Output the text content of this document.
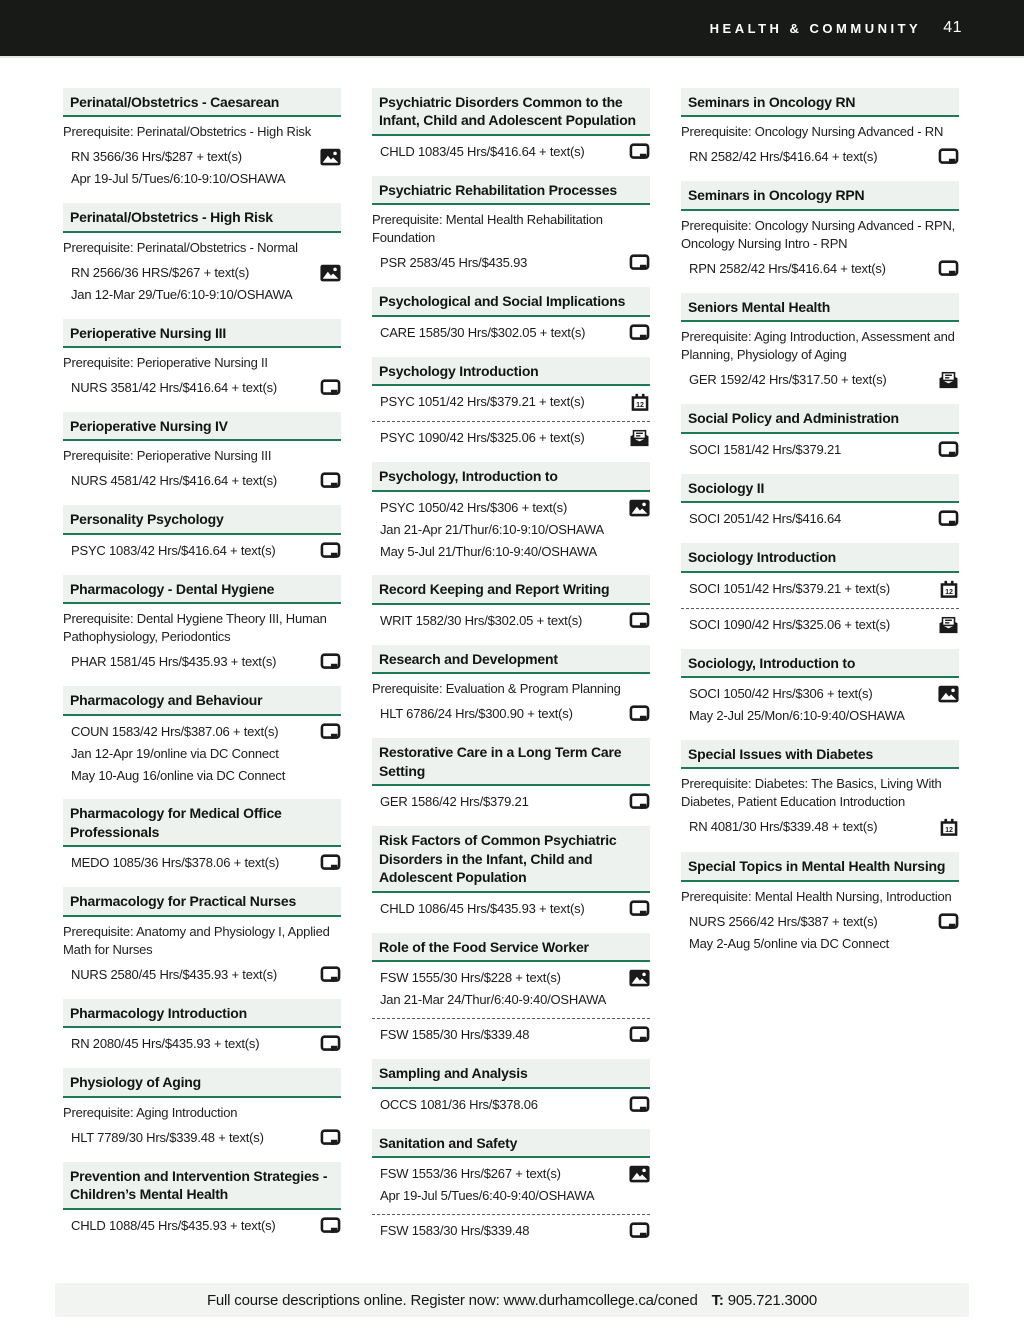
HEALTH & COMMUNITY 41
Perinatal/Obstetrics - Caesarean

Prerequisite: Perinatal/Obstetrics - High Risk

RN 3566/36 Hrs/$287 + text(s)
Apr 19-Jul 5/Tues/6:10-9:10/OSHAWA
Perinatal/Obstetrics - High Risk

Prerequisite: Perinatal/Obstetrics - Normal

RN 2566/36 HRS/$267 + text(s)
Jan 12-Mar 29/Tue/6:10-9:10/OSHAWA
Perioperative Nursing III

Prerequisite: Perioperative Nursing II

NURS 3581/42 Hrs/$416.64 + text(s)
Perioperative Nursing IV

Prerequisite: Perioperative Nursing III

NURS 4581/42 Hrs/$416.64 + text(s)
Personality Psychology
PSYC 1083/42 Hrs/$416.64 + text(s)
Pharmacology - Dental Hygiene

Prerequisite: Dental Hygiene Theory III, Human Pathophysiology, Periodontics

PHAR 1581/45 Hrs/$435.93 + text(s)
Pharmacology and Behaviour
COUN 1583/42 Hrs/$387.06 + text(s)
Jan 12-Apr 19/online via DC Connect
May 10-Aug 16/online via DC Connect
Pharmacology for Medical Office Professionals
MEDO 1085/36 Hrs/$378.06 + text(s)
Pharmacology for Practical Nurses

Prerequisite: Anatomy and Physiology I, Applied Math for Nurses

NURS 2580/45 Hrs/$435.93 + text(s)
Pharmacology Introduction
RN 2080/45 Hrs/$435.93 + text(s)
Physiology of Aging

Prerequisite: Aging Introduction

HLT 7789/30 Hrs/$339.48 + text(s)
Prevention and Intervention Strategies - Children’s Mental Health
CHLD 1088/45 Hrs/$435.93 + text(s)
Psychiatric Disorders Common to the Infant, Child and Adolescent Population
CHLD 1083/45 Hrs/$416.64 + text(s)
Psychiatric Rehabilitation Processes

Prerequisite: Mental Health Rehabilitation Foundation

PSR 2583/45 Hrs/$435.93
Psychological and Social Implications
CARE 1585/30 Hrs/$302.05 + text(s)
Psychology Introduction
PSYC 1051/42 Hrs/$379.21 + text(s)	12
PSYC 1090/42 Hrs/$325.06 + text(s)
Psychology, Introduction to
PSYC 1050/42 Hrs/$306 + text(s)
Jan 21-Apr 21/Thur/6:10-9:10/OSHAWA
May 5-Jul 21/Thur/6:10-9:40/OSHAWA
Record Keeping and Report Writing
WRIT 1582/30 Hrs/$302.05 + text(s)
Research and Development

Prerequisite: Evaluation & Program Planning

HLT 6786/24 Hrs/$300.90 + text(s)
Restorative Care in a Long Term Care Setting
GER 1586/42 Hrs/$379.21
Risk Factors of Common Psychiatric Disorders in the Infant, Child and Adolescent Population
CHLD 1086/45 Hrs/$435.93 + text(s)
Role of the Food Service Worker
FSW 1555/30 Hrs/$228 + text(s)
Jan 21-Mar 24/Thur/6:40-9:40/OSHAWA
FSW 1585/30 Hrs/$339.48
Sampling and Analysis
OCCS 1081/36 Hrs/$378.06
Sanitation and Safety
FSW 1553/36 Hrs/$267 + text(s)
Apr 19-Jul 5/Tues/6:40-9:40/OSHAWA
FSW 1583/30 Hrs/$339.48
Seminars in Oncology RN

Prerequisite: Oncology Nursing Advanced - RN

RN 2582/42 Hrs/$416.64 + text(s)
Seminars in Oncology RPN

Prerequisite: Oncology Nursing Advanced - RPN, Oncology Nursing Intro - RPN

RPN 2582/42 Hrs/$416.64 + text(s)
Seniors Mental Health

Prerequisite: Aging Introduction, Assessment and Planning, Physiology of Aging

GER 1592/42 Hrs/$317.50 + text(s)
Social Policy and Administration
SOCI 1581/42 Hrs/$379.21
Sociology II
SOCI 2051/42 Hrs/$416.64
Sociology Introduction
SOCI 1051/42 Hrs/$379.21 + text(s)	12
SOCI 1090/42 Hrs/$325.06 + text(s)
Sociology, Introduction to
SOCI 1050/42 Hrs/$306 + text(s)
May 2-Jul 25/Mon/6:10-9:40/OSHAWA
Special Issues with Diabetes

Prerequisite: Diabetes: The Basics, Living With Diabetes, Patient Education Introduction

RN 4081/30 Hrs/$339.48 + text(s)	12
Special Topics in Mental Health Nursing

Prerequisite: Mental Health Nursing, Introduction

NURS 2566/42 Hrs/$387 + text(s)
May 2-Aug 5/online via DC Connect
Full course descriptions online. Register now: www.durhamcollege.ca/coned T: 905.721.3000
